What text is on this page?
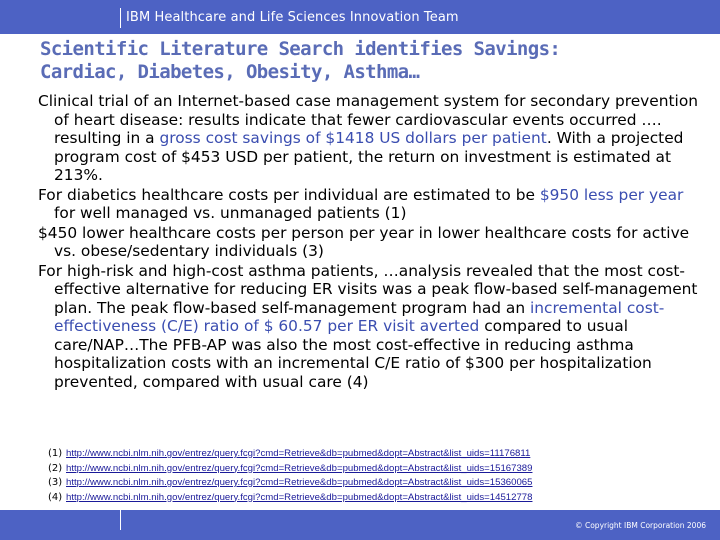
IBM Healthcare and Life Sciences Innovation Team
Scientific Literature Search identifies Savings:
Cardiac, Diabetes, Obesity, Asthma…

Clinical trial of an Internet-based case management system for secondary prevention of heart disease: results indicate that fewer cardiovascular events occurred …. resulting in a gross cost savings of $1418 US dollars per patient. With a projected program cost of $453 USD per patient, the return on investment is estimated at 213%.

For diabetics healthcare costs per individual are estimated to be $950 less per year for well managed vs. unmanaged patients (1)

$450 lower healthcare costs per person per year in lower healthcare costs for active vs. obese/sedentary individuals (3)

For high-risk and high-cost asthma patients, …analysis revealed that the most cost-effective alternative for reducing ER visits was a peak flow-based self-management plan. The peak flow-based self-management program had an incremental cost-effectiveness (C/E) ratio of $ 60.57 per ER visit averted compared to usual care/NAP…The PFB-AP was also the most cost-effective in reducing asthma hospitalization costs with an incremental C/E ratio of $300 per hospitalization prevented, compared with usual care (4)

(1) http://www.ncbi.nlm.nih.gov/entrez/query.fcgi?cmd=Retrieve&db=pubmed&dopt=Abstract&list_uids=11176811
(2) http://www.ncbi.nlm.nih.gov/entrez/query.fcgi?cmd=Retrieve&db=pubmed&dopt=Abstract&list_uids=15167389
(3) http://www.ncbi.nlm.nih.gov/entrez/query.fcgi?cmd=Retrieve&db=pubmed&dopt=Abstract&list_uids=15360065
(4) http://www.ncbi.nlm.nih.gov/entrez/query.fcgi?cmd=Retrieve&db=pubmed&dopt=Abstract&list_uids=14512778
© Copyright IBM Corporation 2006
